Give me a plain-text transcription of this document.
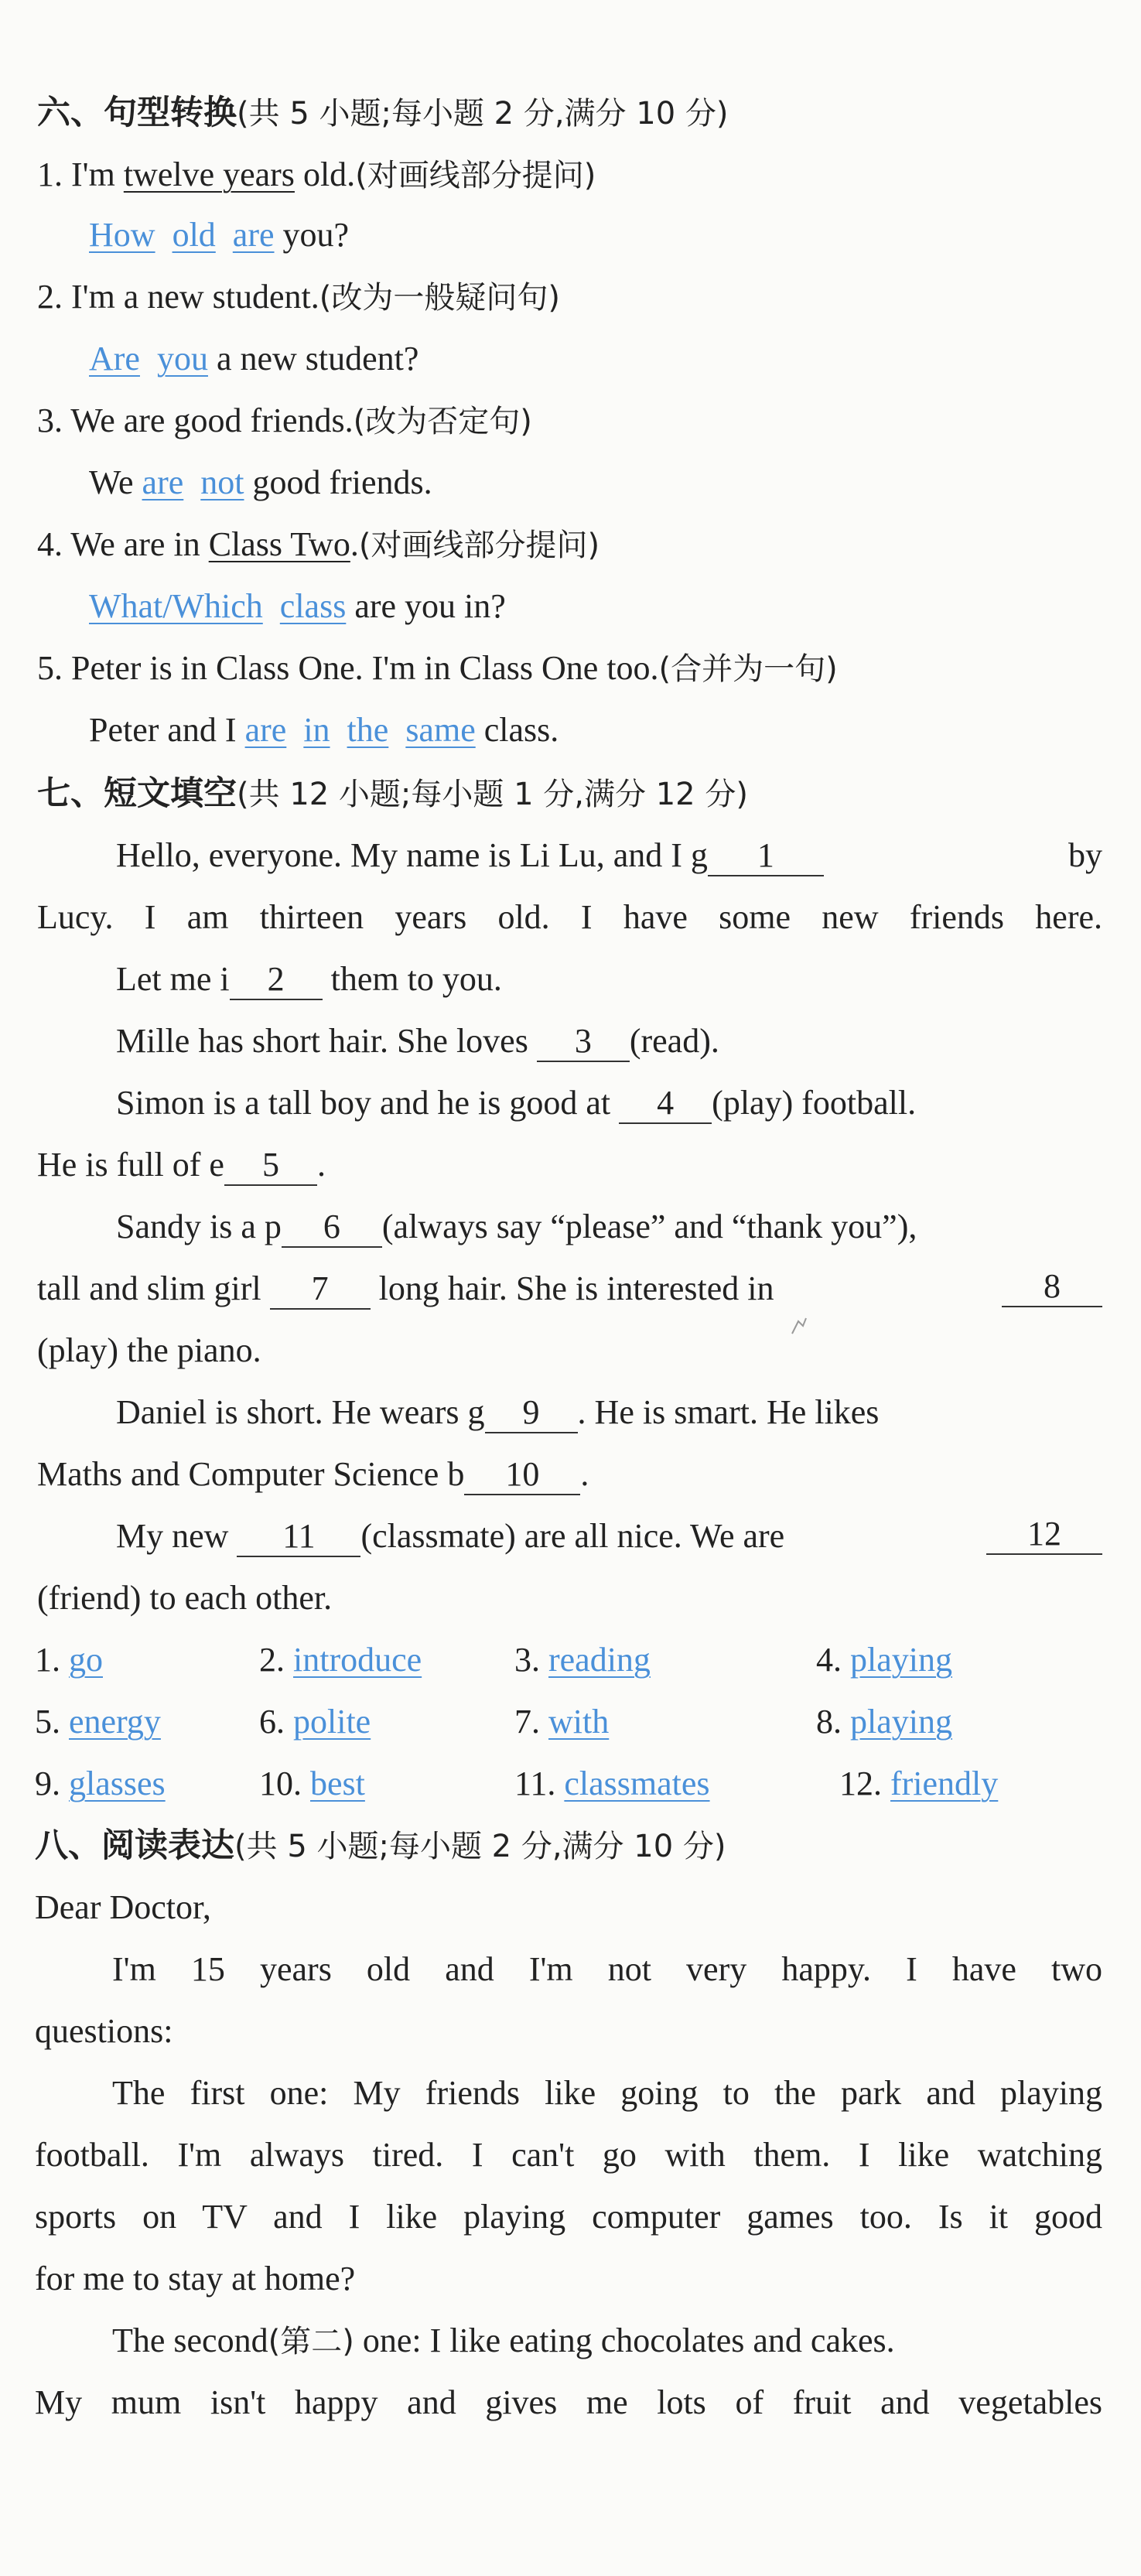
六、句型转换(共 5 小题;每小题 2 分,满分 10 分)
1. I'm twelve years old.(对画线部分提问)
How old are you?
2. I'm a new student.(改为一般疑问句)
Are you a new student?
3. We are good friends.(改为否定句)
We are not good friends.
4. We are in Class Two.(对画线部分提问)
What/Which class are you in?
5. Peter is in Class One. I'm in Class One too.(合并为一句)
Peter and I are in the same class.
七、短文填空(共 12 小题;每小题 1 分,满分 12 分)
Hello, everyone. My name is Li Lu, and I g 1	by
Lucy. I am thirteen years old. I have some new friends here.
Let me i 2 them to you.
Mille has short hair. She loves 3 (read).
Simon is a tall boy and he is good at 4 (play) football.
He is full of e 5 .
Sandy is a p 6 (always say “please” and “thank you”),
tall and slim girl 7 long hair. She is interested in	8
(play) the piano.
Daniel is short. He wears g 9 . He is smart. He likes
Maths and Computer Science b 10 .
My new 11 (classmate) are all nice. We are	12
(friend) to each other.
1. go	2. introduce	3. reading	4. playing
5. energy	6. polite	7. with	8. playing
9. glasses	10. best	11. classmates	12. friendly
八、阅读表达(共 5 小题;每小题 2 分,满分 10 分)
Dear Doctor,
I'm 15 years old and I'm not very happy. I have two
questions:
The first one: My friends like going to the park and playing
football. I'm always tired. I can't go with them. I like watching
sports on TV and I like playing computer games too. Is it good
for me to stay at home?
The second(第二) one: I like eating chocolates and cakes.
My mum isn't happy and gives me lots of fruit and vegetables
